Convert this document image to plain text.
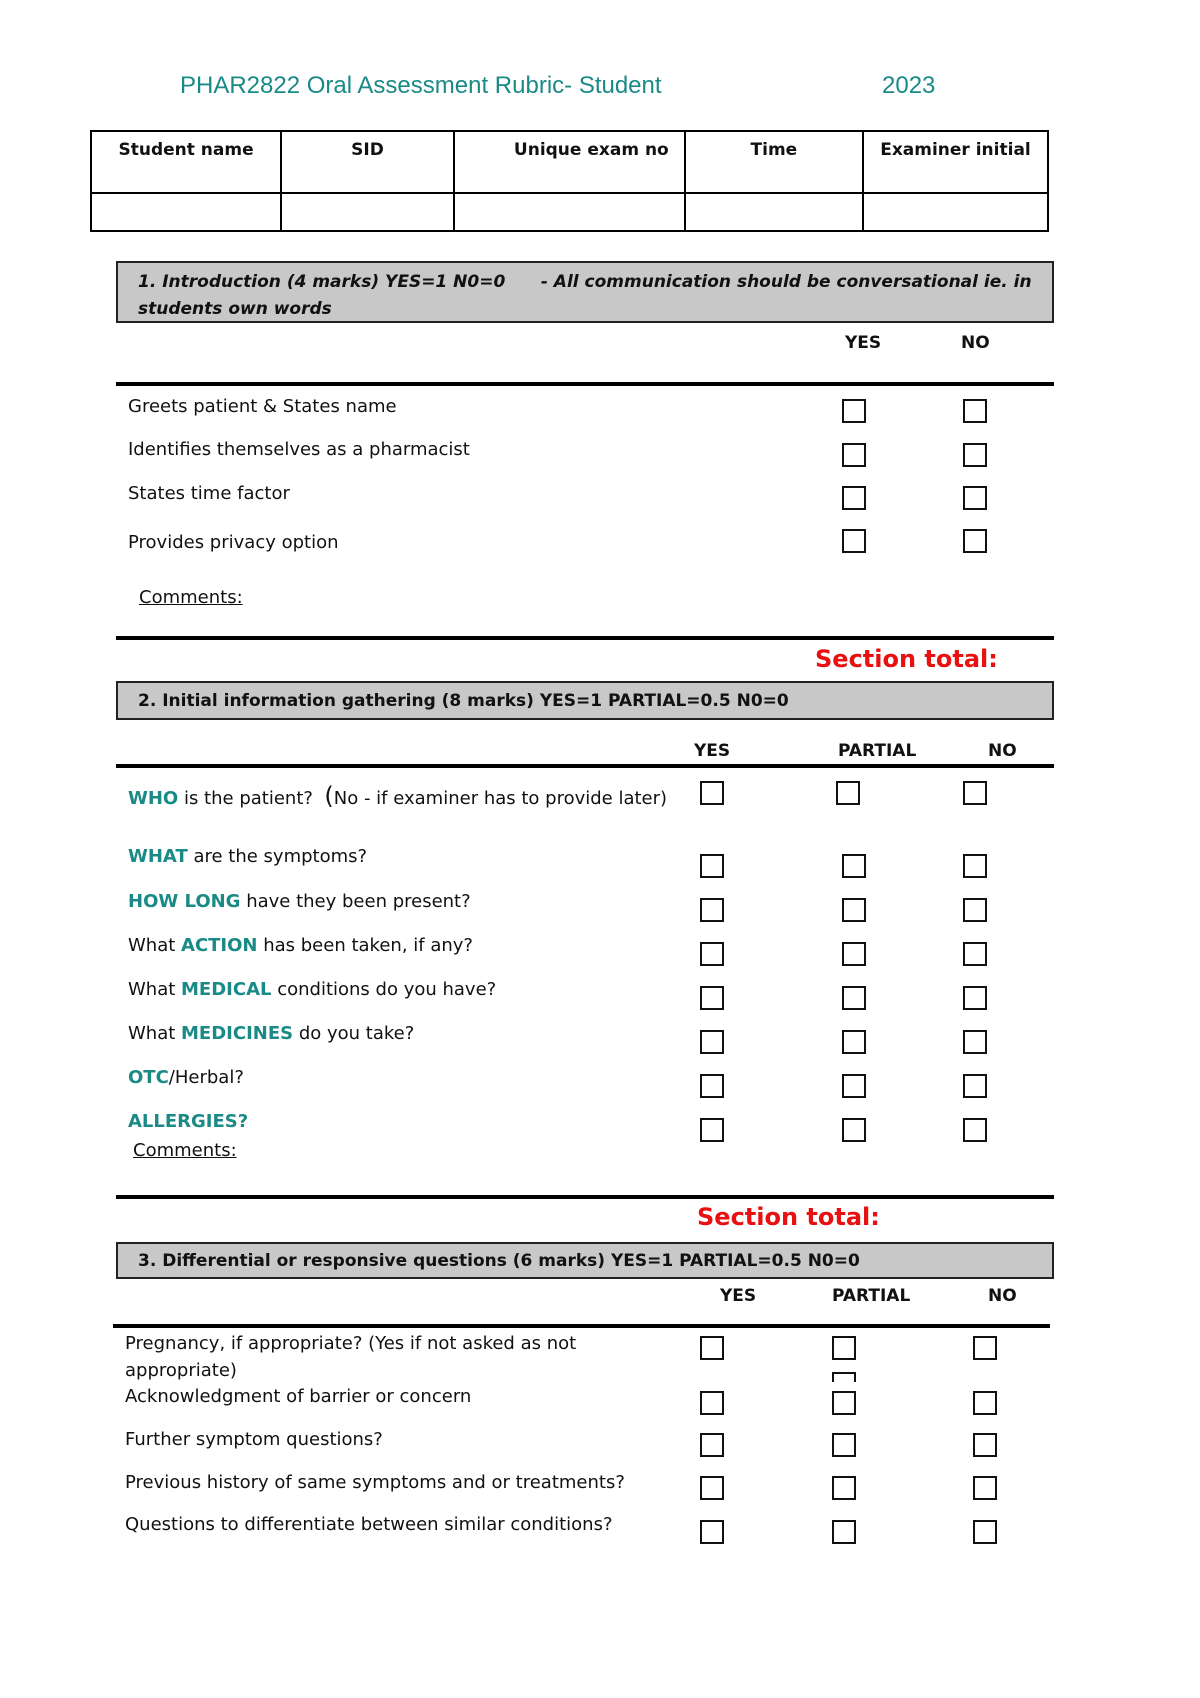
PHAR2822 Oral Assessment Rubric- Student	2023
Student name	SID	Unique exam no	Time	Examiner initial

1. Introduction (4 marks) YES=1 N0=0 - All communication should be conversational ie. in students own words
YES	NO
Greets patient & States name
Identifies themselves as a pharmacist
States time factor
Provides privacy option
Comments:
Section total:
2. Initial information gathering (8 marks) YES=1 PARTIAL=0.5 N0=0
YES	PARTIAL	NO
WHO is the patient? (No - if examiner has to provide later)
WHAT are the symptoms?
HOW LONG have they been present?
What ACTION has been taken, if any?
What MEDICAL conditions do you have?
What MEDICINES do you take?
OTC/Herbal?
ALLERGIES?
Comments:
Section total:
3. Differential or responsive questions (6 marks) YES=1 PARTIAL=0.5 N0=0
YES	PARTIAL	NO
Pregnancy, if appropriate? (Yes if not asked as not appropriate)
Acknowledgment of barrier or concern
Further symptom questions?
Previous history of same symptoms and or treatments?
Questions to differentiate between similar conditions?
